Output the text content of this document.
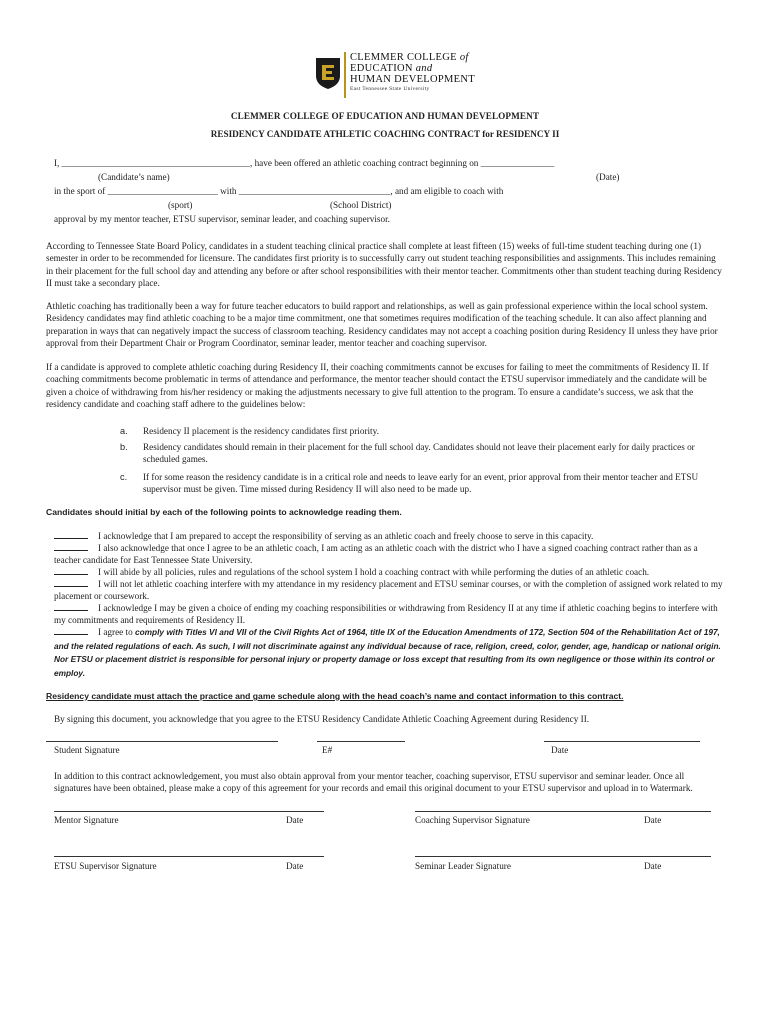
CLEMMER COLLEGE of
EDUCATION and
HUMAN DEVELOPMENT
East Tennessee State University
CLEMMER COLLEGE OF EDUCATION AND HUMAN DEVELOPMENT
RESIDENCY CANDIDATE ATHLETIC COACHING CONTRACT for RESIDENCY II
I, _________________________________________, have been offered an athletic coaching contract beginning on ________________
(Candidate’s name)	(Date)
in the sport of ________________________ with _________________________________, and am eligible to coach with
(sport)	(School District)
approval by my mentor teacher, ETSU supervisor, seminar leader, and coaching supervisor.
According to Tennessee State Board Policy, candidates in a student teaching clinical practice shall complete at least fifteen (15) weeks of full-time student teaching during one (1) semester in order to be recommended for licensure. The candidates first priority is to successfully carry out student teaching responsibilities and assignments. This includes remaining in their placement for the full school day and attending any before or after school responsibilities with their mentor teacher. Commitments other than student teaching during Residency II must take a secondary place.
Athletic coaching has traditionally been a way for future teacher educators to build rapport and relationships, as well as gain professional experience within the local school system. Residency candidates may find athletic coaching to be a major time commitment, one that sometimes requires modification of the teaching schedule. It can also affect planning and preparation in ways that can negatively impact the success of classroom teaching. Residency candidates may not accept a coaching position during Residency II unless they have prior approval from their Department Chair or Program Coordinator, seminar leader, mentor teacher and coaching supervisor.
If a candidate is approved to complete athletic coaching during Residency II, their coaching commitments cannot be excuses for failing to meet the commitments of Residency II. If coaching commitments become problematic in terms of attendance and performance, the mentor teacher should contact the ETSU supervisor immediately and the candidate will be given a choice of withdrawing from his/her residency or making the adjustments necessary to give full attention to the program. To ensure a candidate’s success, we ask that the residency candidate and coaching staff adhere to the guidelines below:
a. Residency II placement is the residency candidates first priority.
b. Residency candidates should remain in their placement for the full school day. Candidates should not leave their placement early for daily practices or scheduled games.
c. If for some reason the residency candidate is in a critical role and needs to leave early for an event, prior approval from their mentor teacher and ETSU supervisor must be given. Time missed during Residency II will also need to be made up.
Candidates should initial by each of the following points to acknowledge reading them.
I acknowledge that I am prepared to accept the responsibility of serving as an athletic coach and freely choose to serve in this capacity.
I also acknowledge that once I agree to be an athletic coach, I am acting as an athletic coach with the district who I have a signed coaching contract rather than as a teacher candidate for East Tennessee State University.
I will abide by all policies, rules and regulations of the school system I hold a coaching contract with while performing the duties of an athletic coach.
I will not let athletic coaching interfere with my attendance in my residency placement and ETSU seminar courses, or with the completion of assigned work related to my placement or coursework.
I acknowledge I may be given a choice of ending my coaching responsibilities or withdrawing from Residency II at any time if athletic coaching begins to interfere with my commitments and requirements of Residency II.
I agree to comply with Titles VI and VII of the Civil Rights Act of 1964, title IX of the Education Amendments of 172, Section 504 of the Rehabilitation Act of 197, and the related regulations of each. As such, I will not discriminate against any individual because of race, religion, creed, color, gender, age, handicap or national origin. Nor ETSU or placement district is responsible for personal injury or property damage or loss except that resulting from its own negligence or those within its control or employ.
Residency candidate must attach the practice and game schedule along with the head coach’s name and contact information to this contract.
By signing this document, you acknowledge that you agree to the ETSU Residency Candidate Athletic Coaching Agreement during Residency II.
Student Signature	E#	Date
In addition to this contract acknowledgement, you must also obtain approval from your mentor teacher, coaching supervisor, ETSU supervisor and seminar leader. Once all signatures have been obtained, please make a copy of this agreement for your records and email this original document to your ETSU supervisor and upload in to Watermark.
Mentor Signature	Date	Coaching Supervisor Signature	Date
ETSU Supervisor Signature	Date	Seminar Leader Signature	Date
